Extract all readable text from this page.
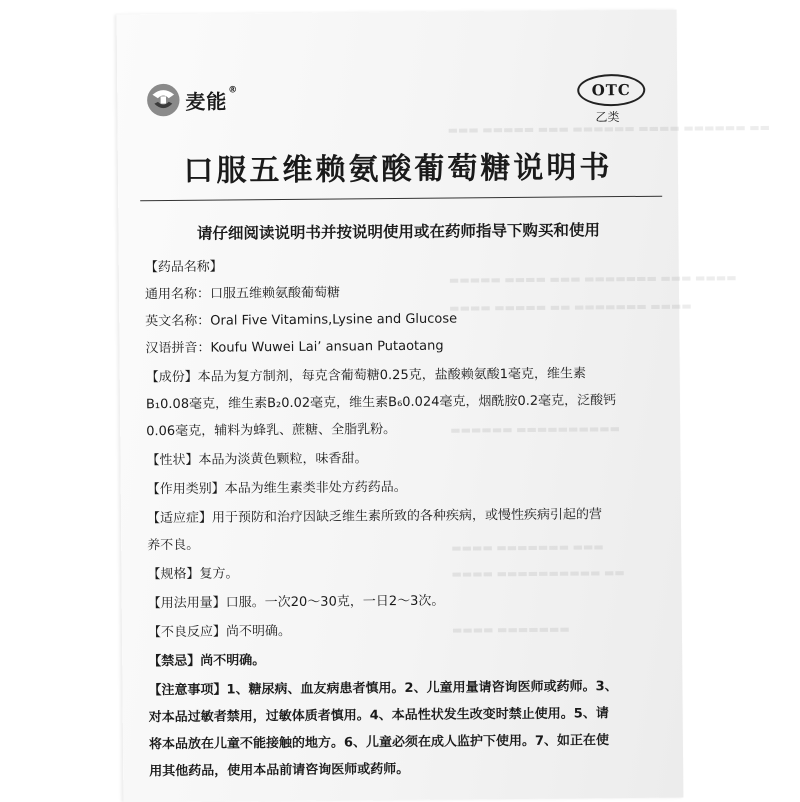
▬▬▬ ▬▬▬▬▬ ▬▬▬ ▬▬▬▬▬▬ ▬▬▬▬ ▬▬▬▬▬▬ ▬▬
▬▬▬▬▬ ▬▬▬▬ ▬▬▬ ▬▬▬▬▬▬▬ ▬▬▬ ▬▬▬▬
▬▬▬▬ ▬▬▬▬▬ ▬▬ ▬▬▬▬▬▬▬ ▬▬▬▬
▬▬▬▬▬▬ ▬▬▬▬▬▬▬▬▬▬
▬▬▬▬ ▬▬▬▬▬▬▬ ▬▬▬
▬▬▬▬ ▬▬▬▬▬▬▬▬▬▬ ▬▬
▬▬▬▬ ▬▬▬▬▬▬▬
麦能®	OTC
乙类
口服五维赖氨酸葡萄糖说明书
请仔细阅读说明书并按说明使用或在药师指导下购买和使用
【药品名称】
通用名称：口服五维赖氨酸葡萄糖
英文名称：Oral Five Vitamins,Lysine and Glucose
汉语拼音：Koufu Wuwei Lai’ ansuan Putaotang
【成份】本品为复方制剂，每克含葡萄糖0.25克，盐酸赖氨酸1毫克，维生素
B₁0.08毫克，维生素B₂0.02毫克，维生素B₆0.024毫克，烟酰胺0.2毫克，泛酸钙
0.06毫克，辅料为蜂乳、蔗糖、全脂乳粉。
【性状】本品为淡黄色颗粒，味香甜。
【作用类别】本品为维生素类非处方药药品。
【适应症】用于预防和治疗因缺乏维生素所致的各种疾病，或慢性疾病引起的营
养不良。
【规格】复方。
【用法用量】口服。一次20～30克，一日2～3次。
【不良反应】尚不明确。
【禁忌】尚不明确。
【注意事项】1、糖尿病、血友病患者慎用。2、儿童用量请咨询医师或药师。3、
对本品过敏者禁用，过敏体质者慎用。4、本品性状发生改变时禁止使用。5、请
将本品放在儿童不能接触的地方。6、儿童必须在成人监护下使用。7、如正在使
用其他药品，使用本品前请咨询医师或药师。
